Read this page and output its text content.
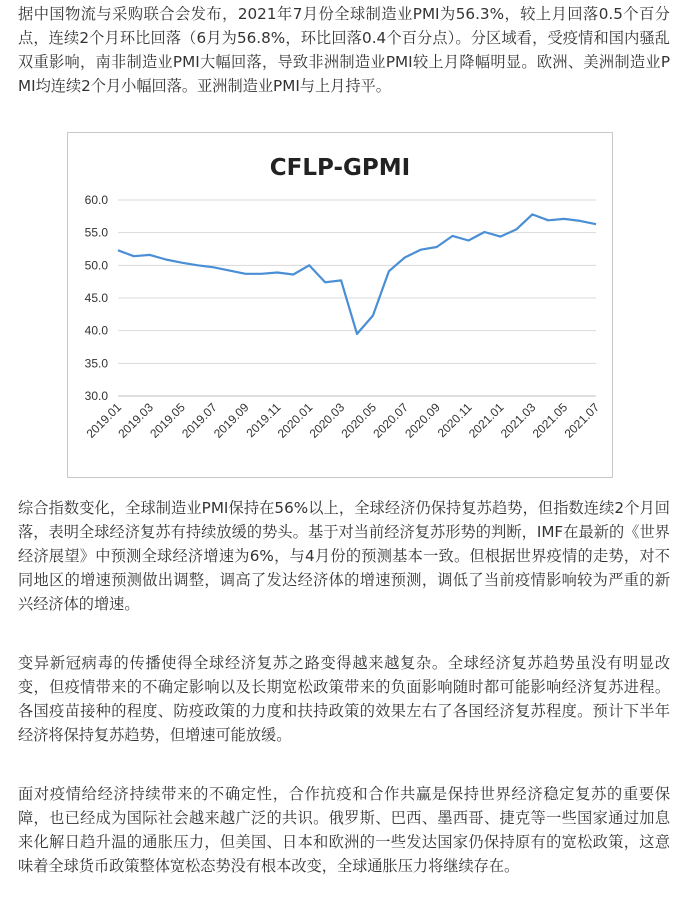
据中国物流与采购联合会发布，2021年7月份全球制造业PMI为56.3%，较上月回落0.5个百分点，连续2个月环比回落（6月为56.8%，环比回落0.4个百分点）。分区域看，受疫情和国内骚乱双重影响，南非制造业PMI大幅回落，导致非洲制造业PMI较上月降幅明显。欧洲、美洲制造业PMI均连续2个月小幅回落。亚洲制造业PMI与上月持平。

CFLP-GPMI
60.0
55.0
50.0
45.0
40.0
35.0
30.0
2019.01
2019.03
2019.05
2019.07
2019.09
2019.11
2020.01
2020.03
2020.05
2020.07
2020.09
2020.11
2021.01
2021.03
2021.05
2021.07

综合指数变化，全球制造业PMI保持在56%以上，全球经济仍保持复苏趋势，但指数连续2个月回落，表明全球经济复苏有持续放缓的势头。基于对当前经济复苏形势的判断，IMF在最新的《世界经济展望》中预测全球经济增速为6%，与4月份的预测基本一致。但根据世界疫情的走势，对不同地区的增速预测做出调整，调高了发达经济体的增速预测，调低了当前疫情影响较为严重的新兴经济体的增速。

变异新冠病毒的传播使得全球经济复苏之路变得越来越复杂。全球经济复苏趋势虽没有明显改变，但疫情带来的不确定影响以及长期宽松政策带来的负面影响随时都可能影响经济复苏进程。各国疫苗接种的程度、防疫政策的力度和扶持政策的效果左右了各国经济复苏程度。预计下半年经济将保持复苏趋势，但增速可能放缓。

面对疫情给经济持续带来的不确定性，合作抗疫和合作共赢是保持世界经济稳定复苏的重要保障，也已经成为国际社会越来越广泛的共识。俄罗斯、巴西、墨西哥、捷克等一些国家通过加息来化解日趋升温的通胀压力，但美国、日本和欧洲的一些发达国家仍保持原有的宽松政策，这意味着全球货币政策整体宽松态势没有根本改变，全球通胀压力将继续存在。
